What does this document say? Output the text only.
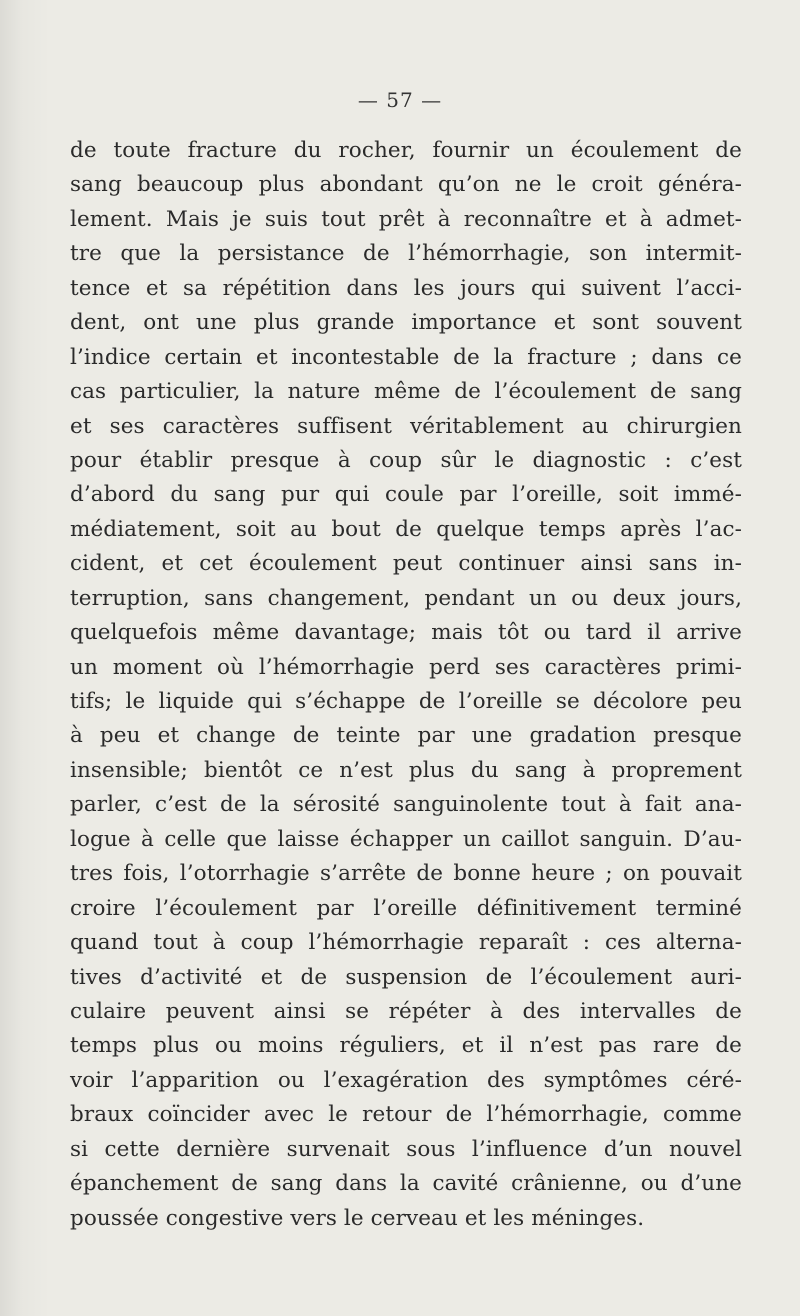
— 57 —
de toute fracture du rocher, fournir un écoulement de
sang beaucoup plus abondant qu’on ne le croit généra-
lement. Mais je suis tout prêt à reconnaître et à admet-
tre que la persistance de l’hémorrhagie, son intermit-
tence et sa répétition dans les jours qui suivent l’acci-
dent, ont une plus grande importance et sont souvent
l’indice certain et incontestable de la fracture ; dans ce
cas particulier, la nature même de l’écoulement de sang
et ses caractères suffisent véritablement au chirurgien
pour établir presque à coup sûr le diagnostic : c’est
d’abord du sang pur qui coule par l’oreille, soit immé-
médiatement, soit au bout de quelque temps après l’ac-
cident, et cet écoulement peut continuer ainsi sans in-
terruption, sans changement, pendant un ou deux jours,
quelquefois même davantage; mais tôt ou tard il arrive
un moment où l’hémorrhagie perd ses caractères primi-
tifs; le liquide qui s’échappe de l’oreille se décolore peu
à peu et change de teinte par une gradation presque
insensible; bientôt ce n’est plus du sang à proprement
parler, c’est de la sérosité sanguinolente tout à fait ana-
logue à celle que laisse échapper un caillot sanguin. D’au-
tres fois, l’otorrhagie s’arrête de bonne heure ; on pouvait
croire l’écoulement par l’oreille définitivement terminé
quand tout à coup l’hémorrhagie reparaît : ces alterna-
tives d’activité et de suspension de l’écoulement auri-
culaire peuvent ainsi se répéter à des intervalles de
temps plus ou moins réguliers, et il n’est pas rare de
voir l’apparition ou l’exagération des symptômes céré-
braux coïncider avec le retour de l’hémorrhagie, comme
si cette dernière survenait sous l’influence d’un nouvel
épanchement de sang dans la cavité crânienne, ou d’une
poussée congestive vers le cerveau et les méninges.
